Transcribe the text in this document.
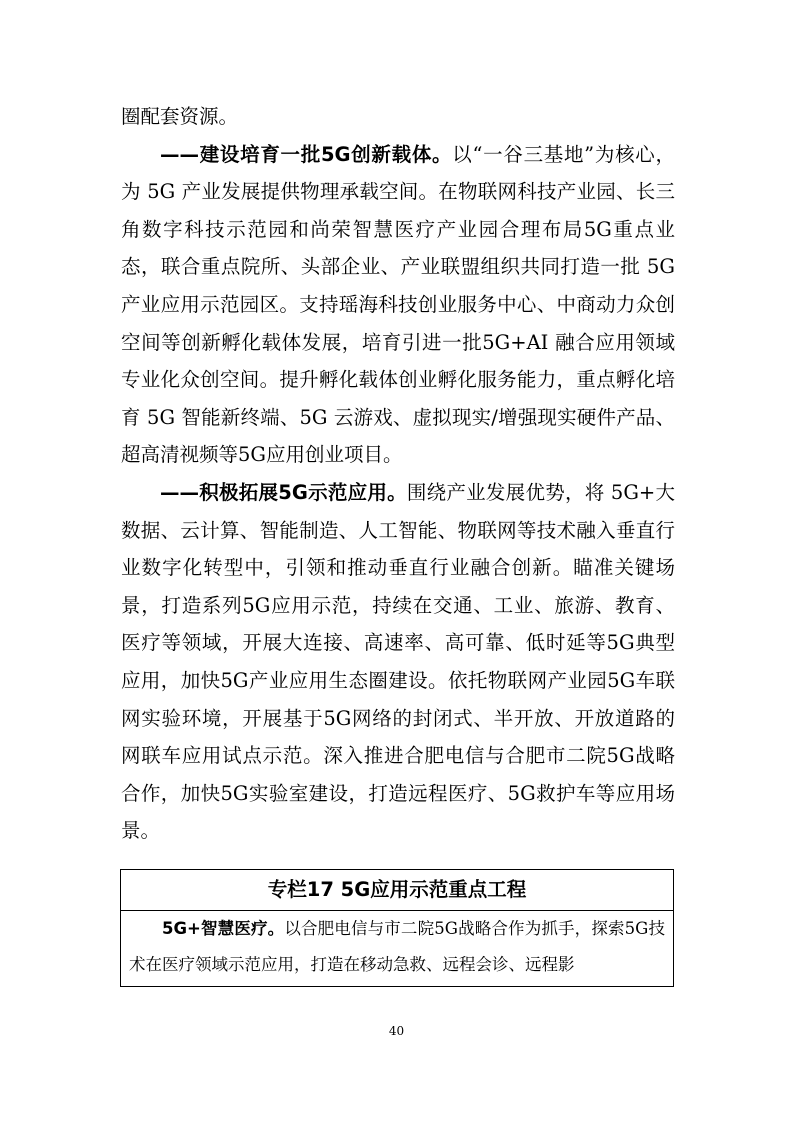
圈配套资源。

——建设培育一批5G创新载体。以“一谷三基地”为核心，为 5G 产业发展提供物理承载空间。在物联网科技产业园、长三角数字科技示范园和尚荣智慧医疗产业园合理布局5G重点业态，联合重点院所、头部企业、产业联盟组织共同打造一批 5G 产业应用示范园区。支持瑶海科技创业服务中心、中商动力众创空间等创新孵化载体发展，培育引进一批5G+AI 融合应用领域专业化众创空间。提升孵化载体创业孵化服务能力，重点孵化培育 5G 智能新终端、5G 云游戏、虚拟现实/增强现实硬件产品、超高清视频等5G应用创业项目。

——积极拓展5G示范应用。围绕产业发展优势，将 5G+大数据、云计算、智能制造、人工智能、物联网等技术融入垂直行业数字化转型中，引领和推动垂直行业融合创新。瞄准关键场景，打造系列5G应用示范，持续在交通、工业、旅游、教育、医疗等领域，开展大连接、高速率、高可靠、低时延等5G典型应用，加快5G产业应用生态圈建设。依托物联网产业园5G车联网实验环境，开展基于5G网络的封闭式、半开放、开放道路的网联车应用试点示范。深入推进合肥电信与合肥市二院5G战略合作，加快5G实验室建设，打造远程医疗、5G救护车等应用场景。

专栏17 5G应用示范重点工程

5G+智慧医疗。以合肥电信与市二院5G战略合作为抓手，探索5G技术在医疗领域示范应用，打造在移动急救、远程会诊、远程影

40
